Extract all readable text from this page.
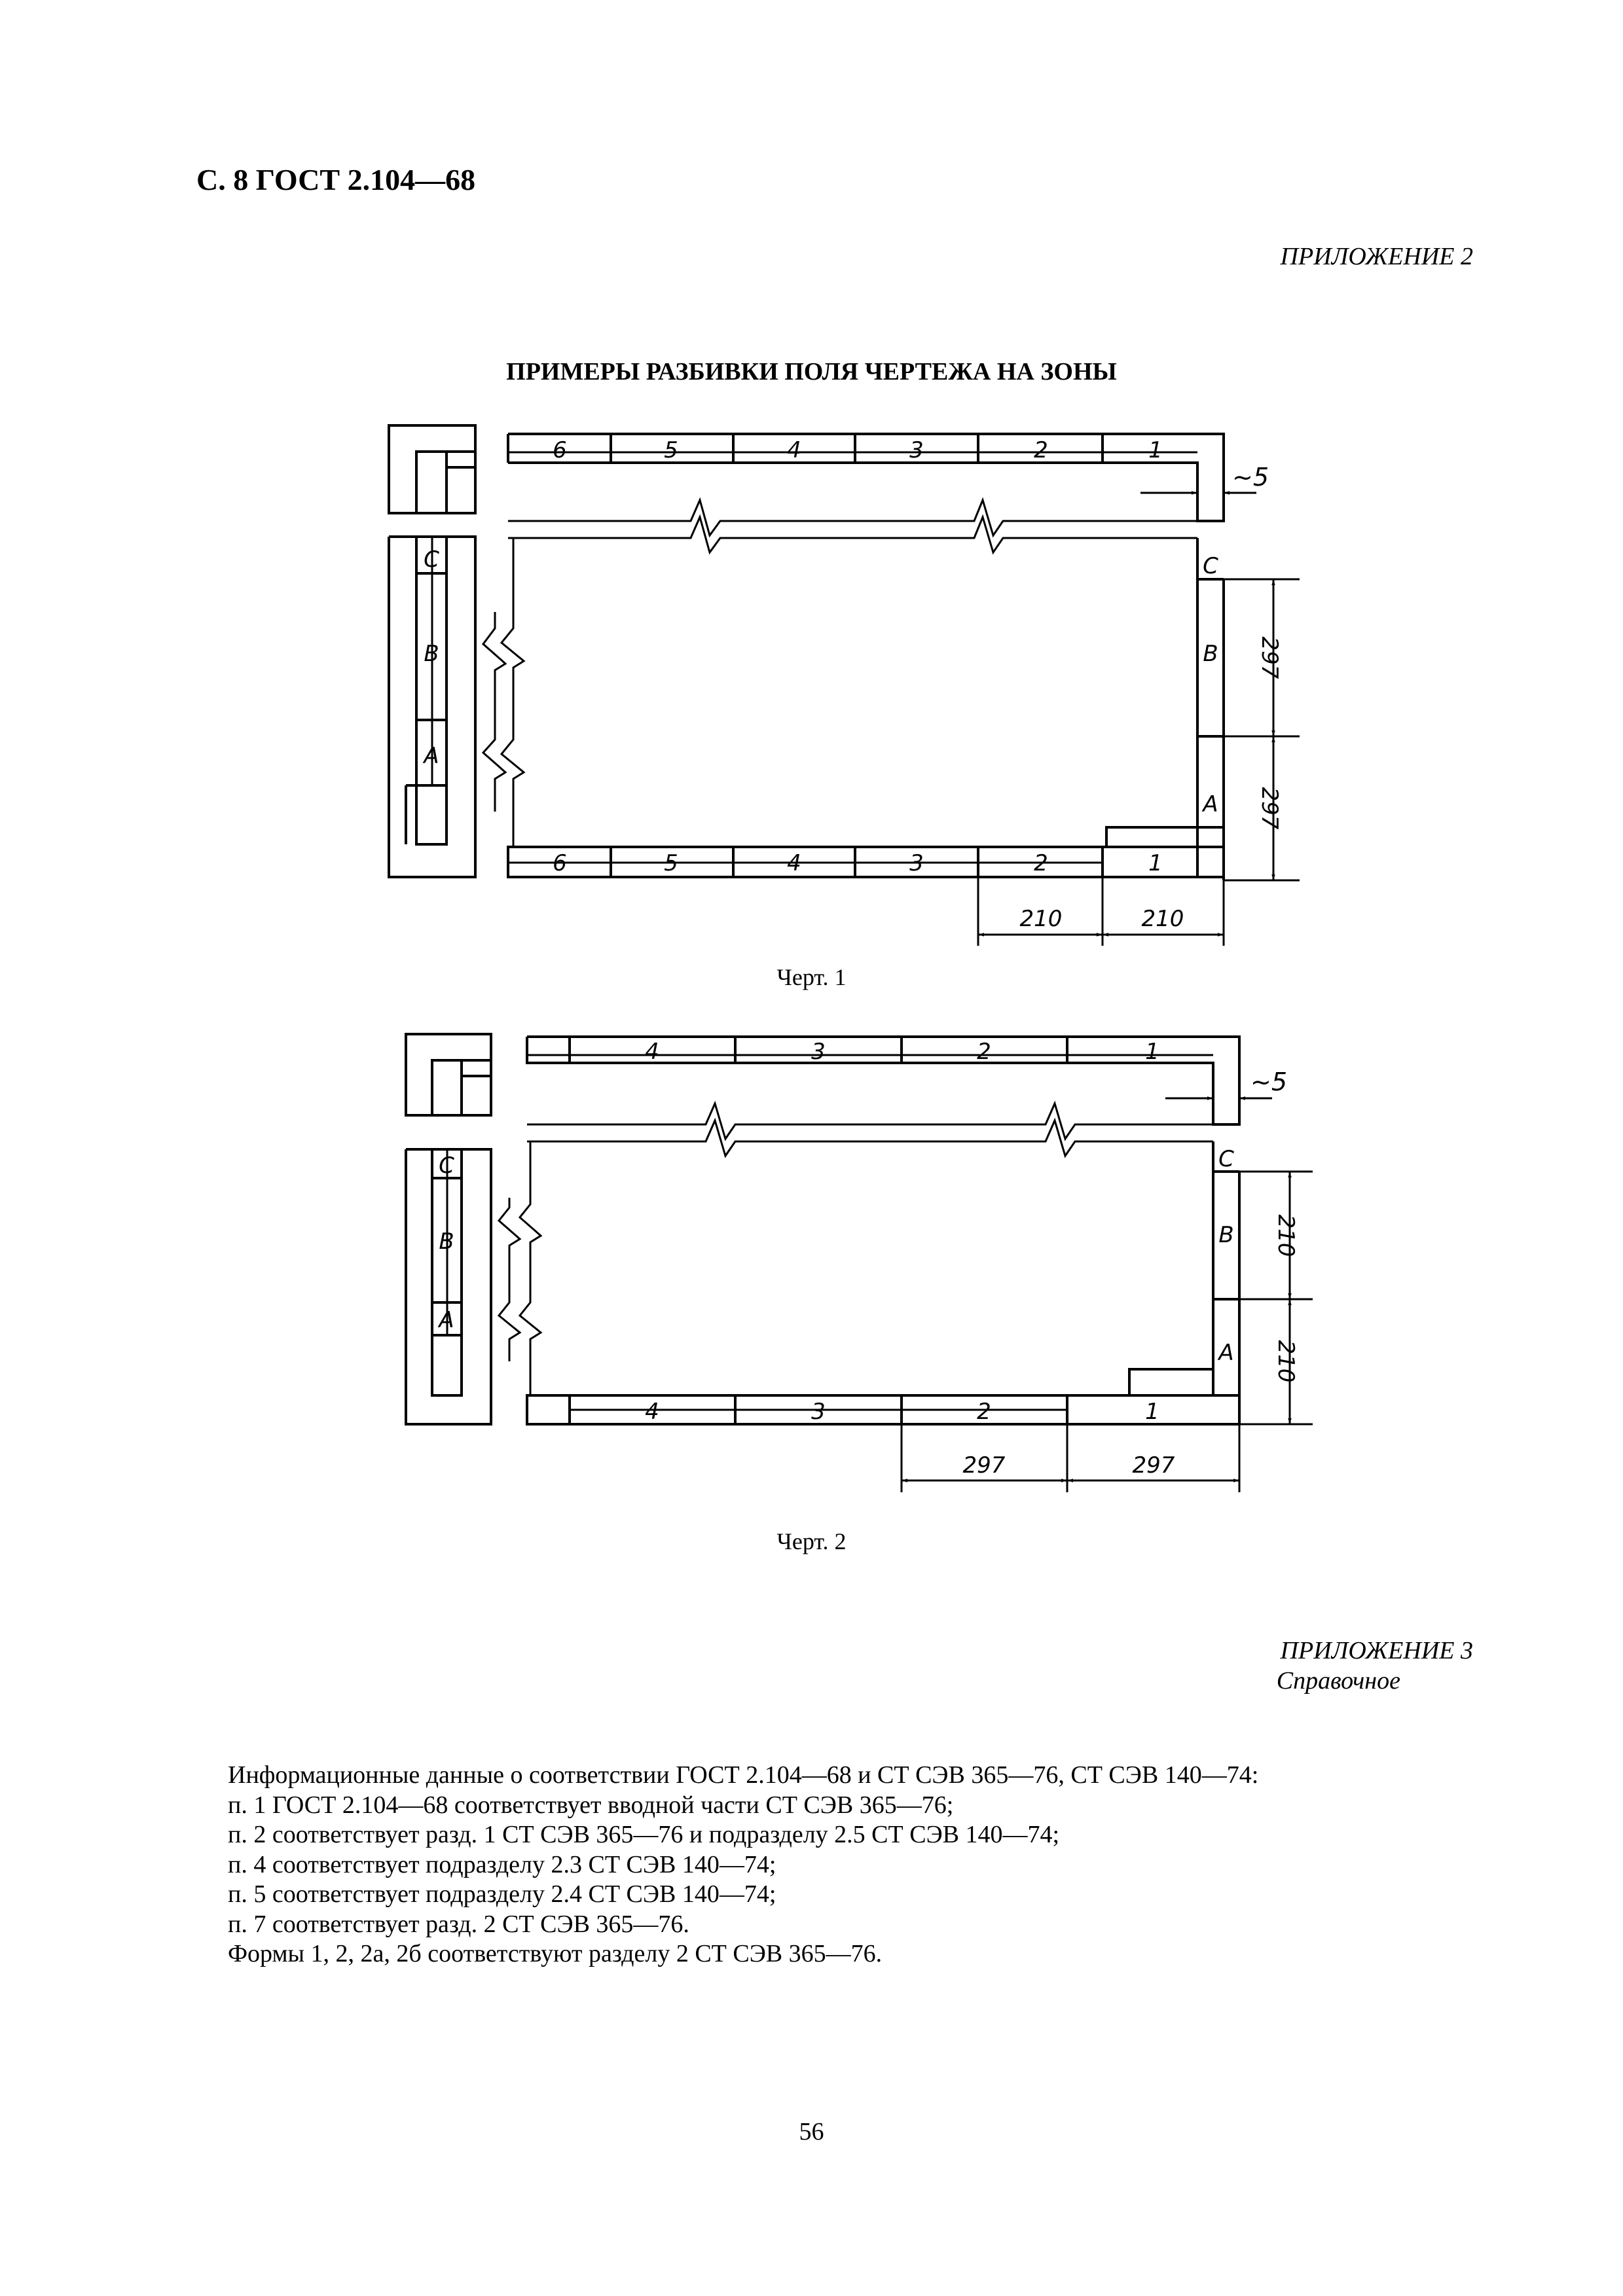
С. 8 ГОСТ 2.104—68
ПРИЛОЖЕНИЕ 2
ПРИМЕРЫ РАЗБИВКИ ПОЛЯ ЧЕРТЕЖА НА ЗОНЫ
6	5	4	3	2	1
6	5	4	3	2	1
C
B
A
C
B
A
~5
297
297
210	210
4	3	2	1
4	3	2	1
C
B
A
C
B
A
~5
210
210
297	297
Черт. 1
Черт. 2
ПРИЛОЖЕНИЕ 3
Справочное
Информационные данные о соответствии ГОСТ 2.104—68 и СТ СЭВ 365—76, СТ СЭВ 140—74:
п. 1 ГОСТ 2.104—68 соответствует вводной части СТ СЭВ 365—76;
п. 2 соответствует разд. 1 СТ СЭВ 365—76 и подразделу 2.5 СТ СЭВ 140—74;
п. 4 соответствует подразделу 2.3 СТ СЭВ 140—74;
п. 5 соответствует подразделу 2.4 СТ СЭВ 140—74;
п. 7 соответствует разд. 2 СТ СЭВ 365—76.
Формы 1, 2, 2а, 2б соответствуют разделу 2 СТ СЭВ 365—76.
56
